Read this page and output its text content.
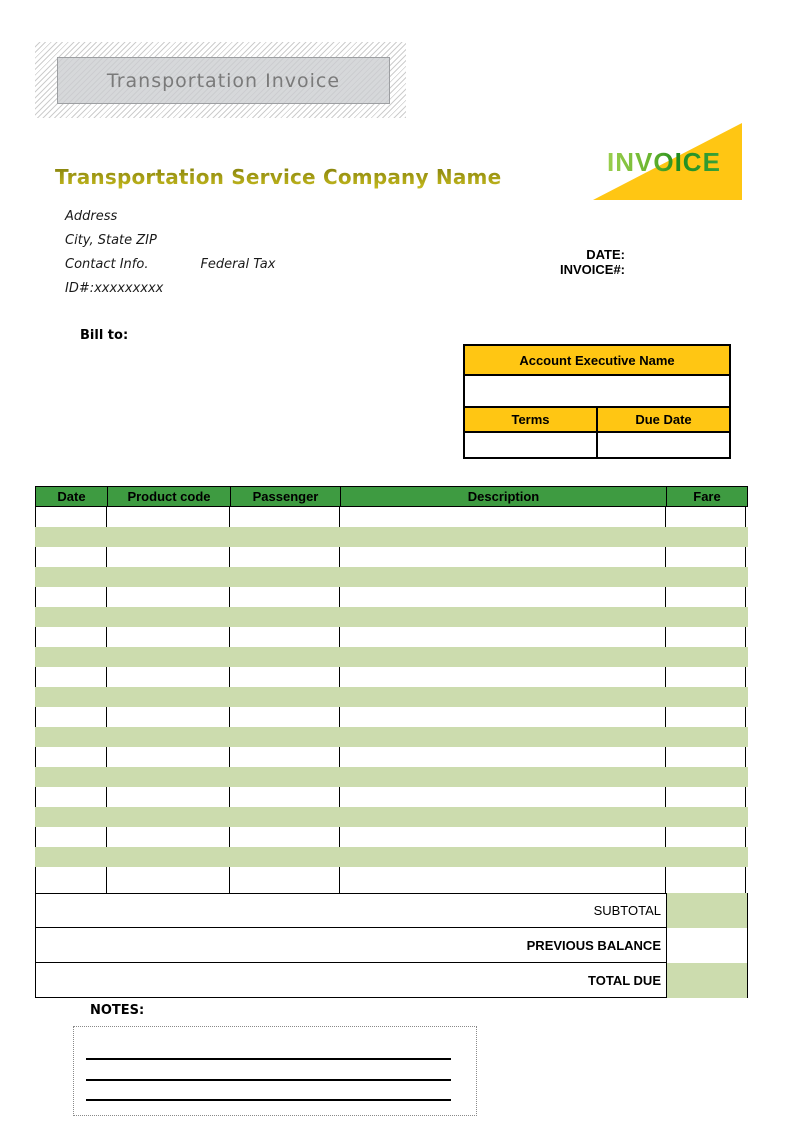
Transportation Invoice
Transportation Service Company Name
Address
City, State ZIP
Contact Info.	Federal Tax
ID#:xxxxxxxxx
INVOICE
DATE:
INVOICE#:
Bill to:
Account Executive Name	

Terms	Due Date

Date	Product code	Passenger	Description	Fare
SUBTOTAL
PREVIOUS BALANCE
TOTAL DUE
NOTES:
